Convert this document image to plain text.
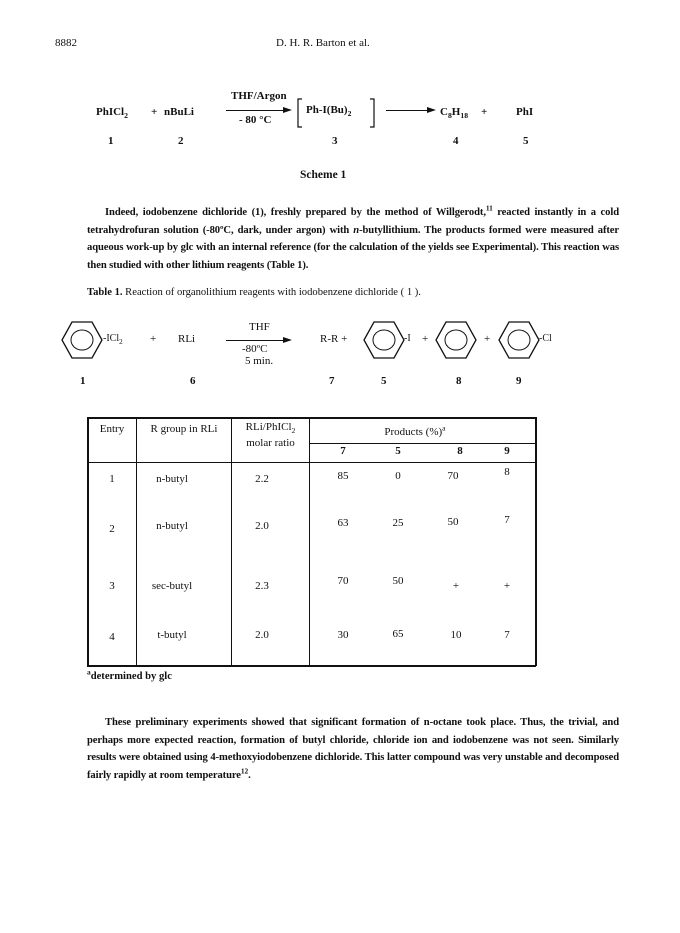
8882	D. H. R. Barton et al.
PhICl$_2$ + nBuLi
THF/Argon
- 80 °C
$Ph-I(Bu)_2$	$C_8H_{18}$ +	PhI
1	2	3	4	5
Scheme 1
Indeed, iodobenzene dichloride (1), freshly prepared by the method of Willgerodt,$^{11}$ reacted instantly in a cold tetrahydrofuran solution (-80ºC, dark, under argon) with n-butyllithium. The products formed were measured after aqueous work-up by glc with an internal reference (for the calculation of the yields see Experimental). This reaction was then studied with other lithium reagents (Table 1).
Table 1. Reaction of organolithium reagents with iodobenzene dichloride ( 1 ).
-ICl$_2$ + RLi
THF
-80ºC
5 min.
R-R +	-I +	+	-Cl
1	6	7	5	8	9
Entry	R group in RLi	RLi/PhICl$_2$
molar ratio
Products (%)$^a$
7	5	8	9
1	n-butyl	2.2	85	0	70	8
2	n-butyl	2.0	63	25	50	7
3	sec-butyl	2.3	70	50	+	+
4	t-butyl	2.0	30	65	10	7
$^a$determined by glc
These preliminary experiments showed that significant formation of n-octane took place. Thus, the trivial, and perhaps more expected reaction, formation of butyl chloride, chloride ion and iodobenzene was not seen. Similarly results were obtained using 4-methoxyiodobenzene dichloride. This latter compound was very unstable and decomposed fairly rapidly at room temperature$^{12}$.
